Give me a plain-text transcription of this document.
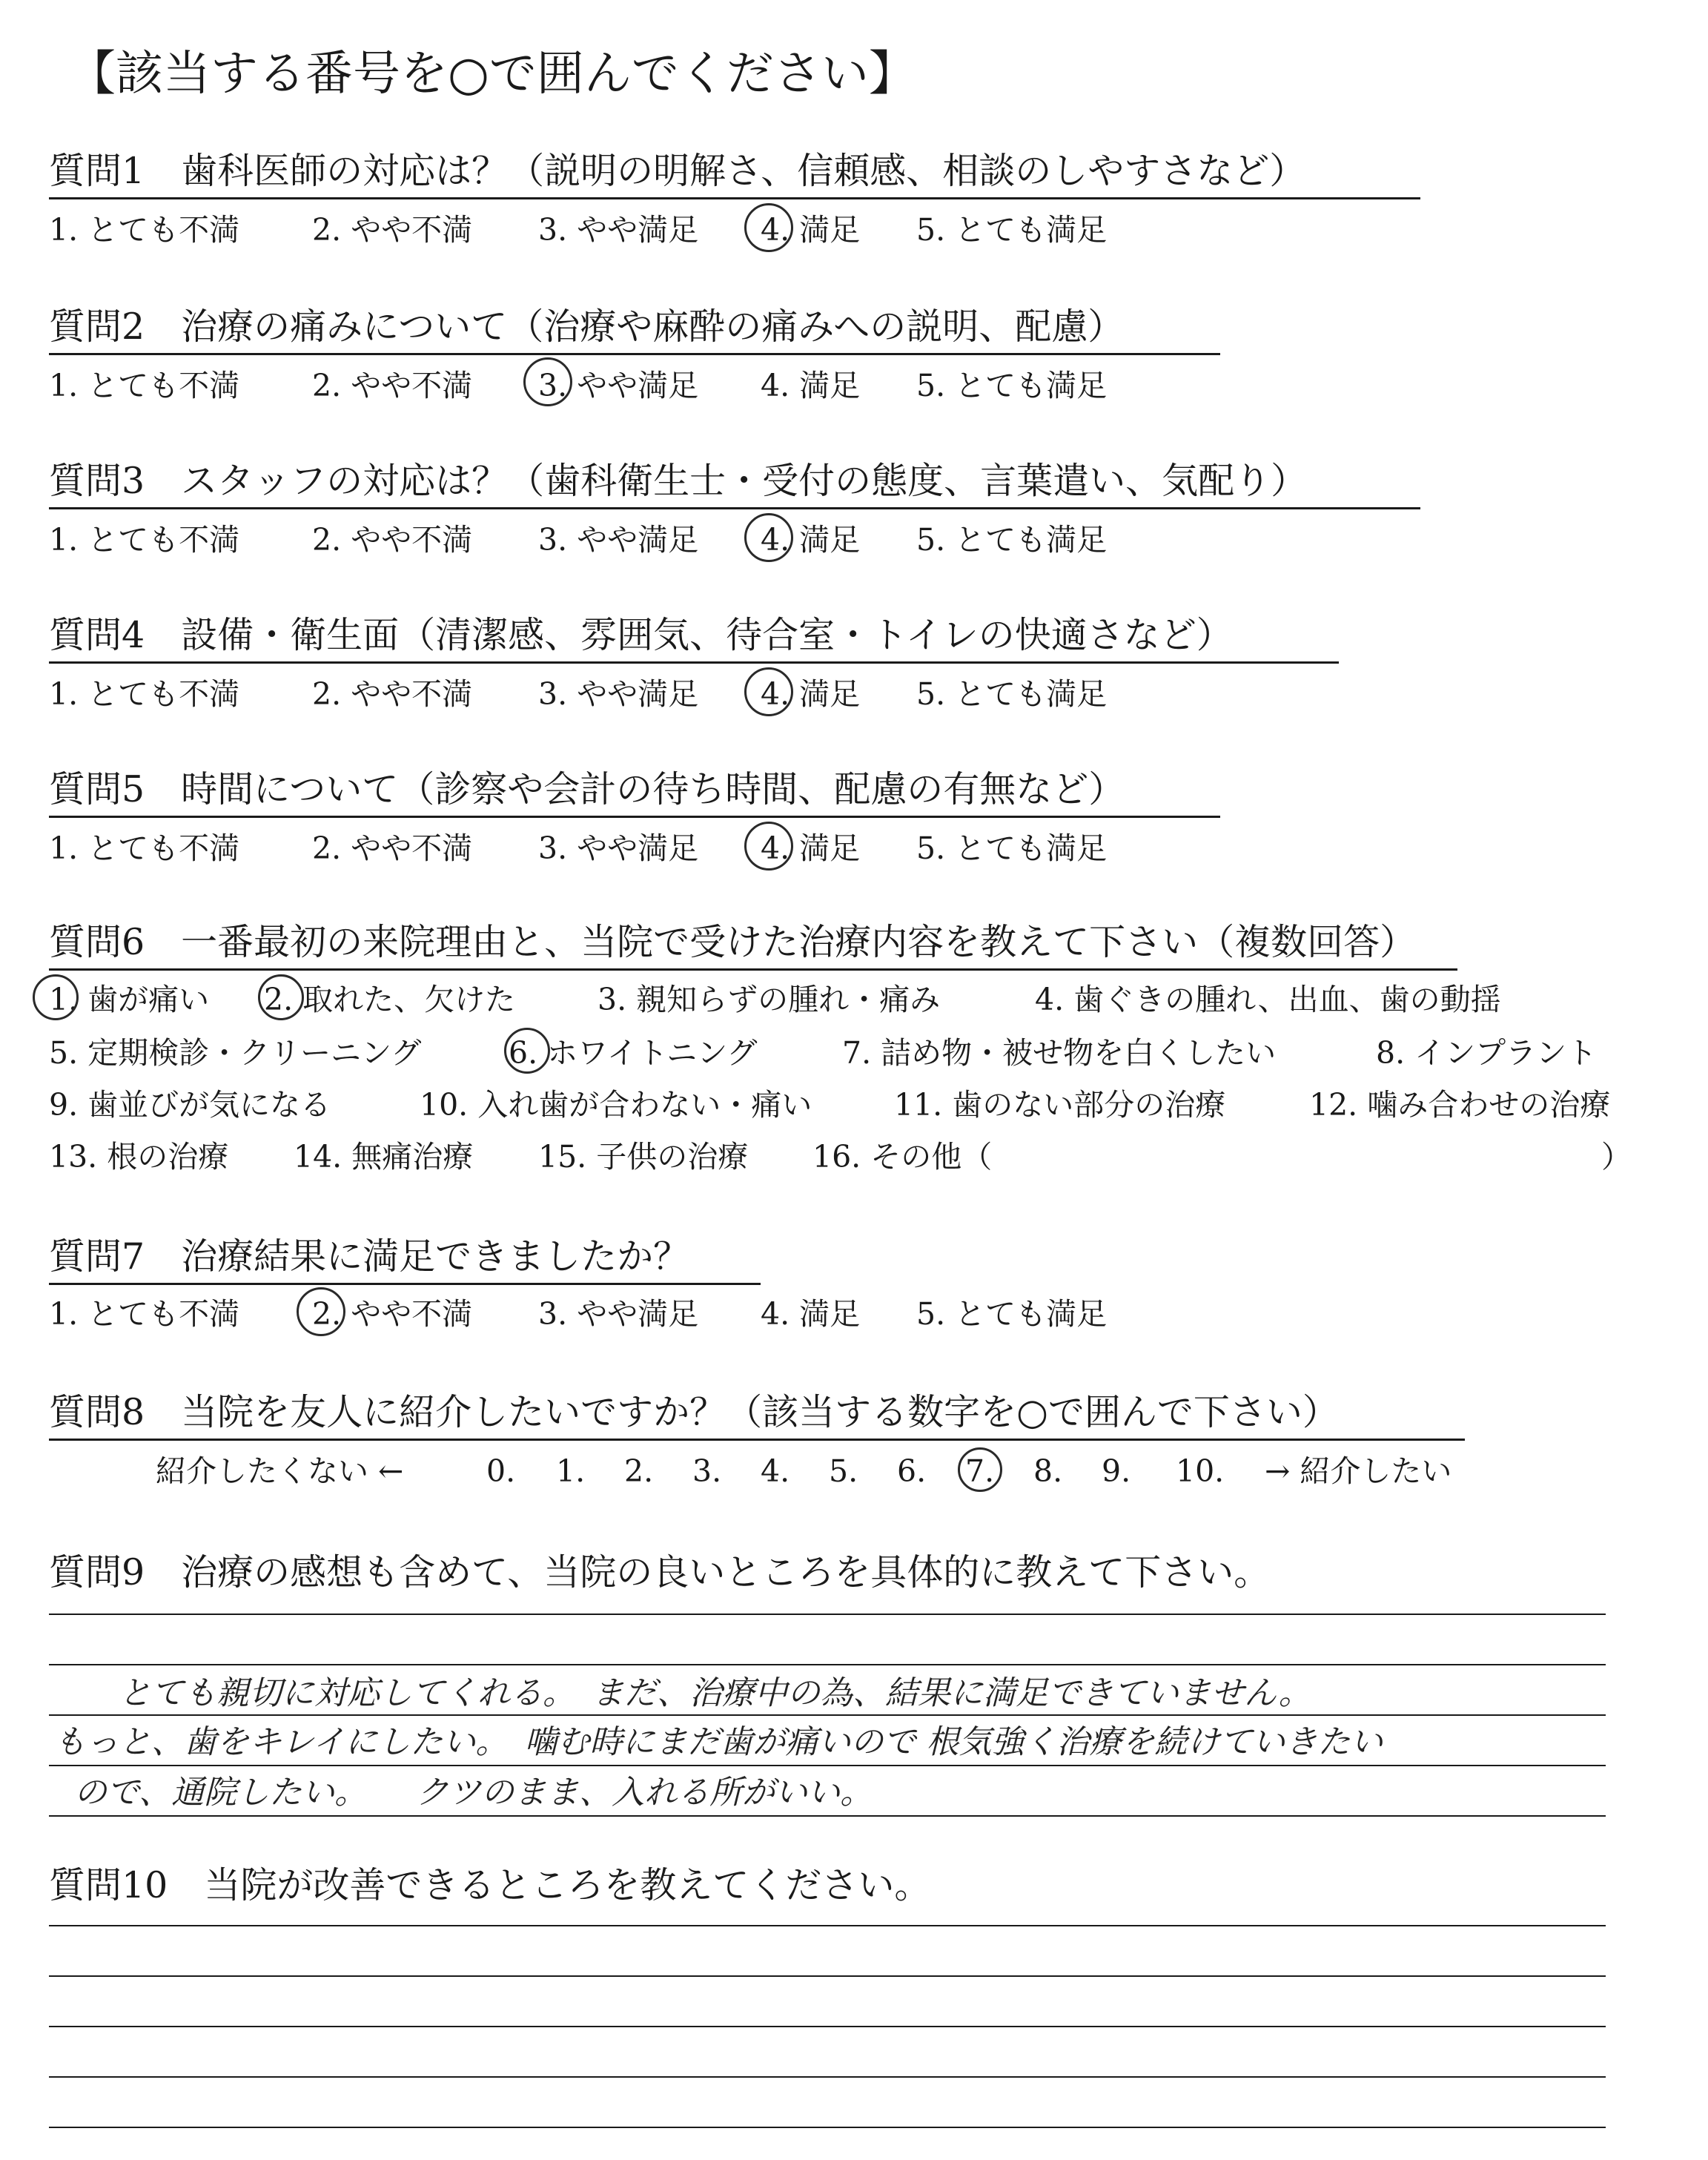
【該当する番号を○で囲んでください】
質問1　歯科医師の対応は？（説明の明解さ、信頼感、相談のしやすさなど）
1. とても不満 2. やや不満 3. やや満足 4. 満足 5. とても満足
質問2　治療の痛みについて（治療や麻酔の痛みへの説明、配慮）
1. とても不満 2. やや不満 3. やや満足 4. 満足 5. とても満足
質問3　スタッフの対応は？（歯科衛生士・受付の態度、言葉遣い、気配り）
1. とても不満 2. やや不満 3. やや満足 4. 満足 5. とても満足
質問4　設備・衛生面（清潔感、雰囲気、待合室・トイレの快適さなど）
1. とても不満 2. やや不満 3. やや満足 4. 満足 5. とても満足
質問5　時間について（診察や会計の待ち時間、配慮の有無など）
1. とても不満 2. やや不満 3. やや満足 4. 満足 5. とても満足
質問6　一番最初の来院理由と、当院で受けた治療内容を教えて下さい（複数回答）
1. 歯が痛い 2. 取れた、欠けた	3. 親知らずの腫れ・痛み	4. 歯ぐきの腫れ、出血、歯の動揺
5. 定期検診・クリーニング	6. ホワイトニング	7. 詰め物・被せ物を白くしたい	8. インプラント
9. 歯並びが気になる	10. 入れ歯が合わない・痛い	11. 歯のない部分の治療	12. 噛み合わせの治療
13. 根の治療 14. 無痛治療 15. 子供の治療 16. その他（	）
質問7　治療結果に満足できましたか？
1. とても不満 2. やや不満 3. やや満足 4. 満足 5. とても満足
質問8　当院を友人に紹介したいですか？（該当する数字を○で囲んで下さい）
紹介したくない ←	0. 1. 2. 3. 4. 5. 6. 7. 8. 9. 10. → 紹介したい
質問9　治療の感想も含めて、当院の良いところを具体的に教えて下さい。
とても親切に対応してくれる。　まだ、治療中の為、結果に満足できていません。
もっと、歯をキレイにしたい。　噛む時にまだ歯が痛いので 根気強く治療を続けていきたい
ので、通院したい。　　クツのまま、入れる所がいい。
質問10　当院が改善できるところを教えてください。
